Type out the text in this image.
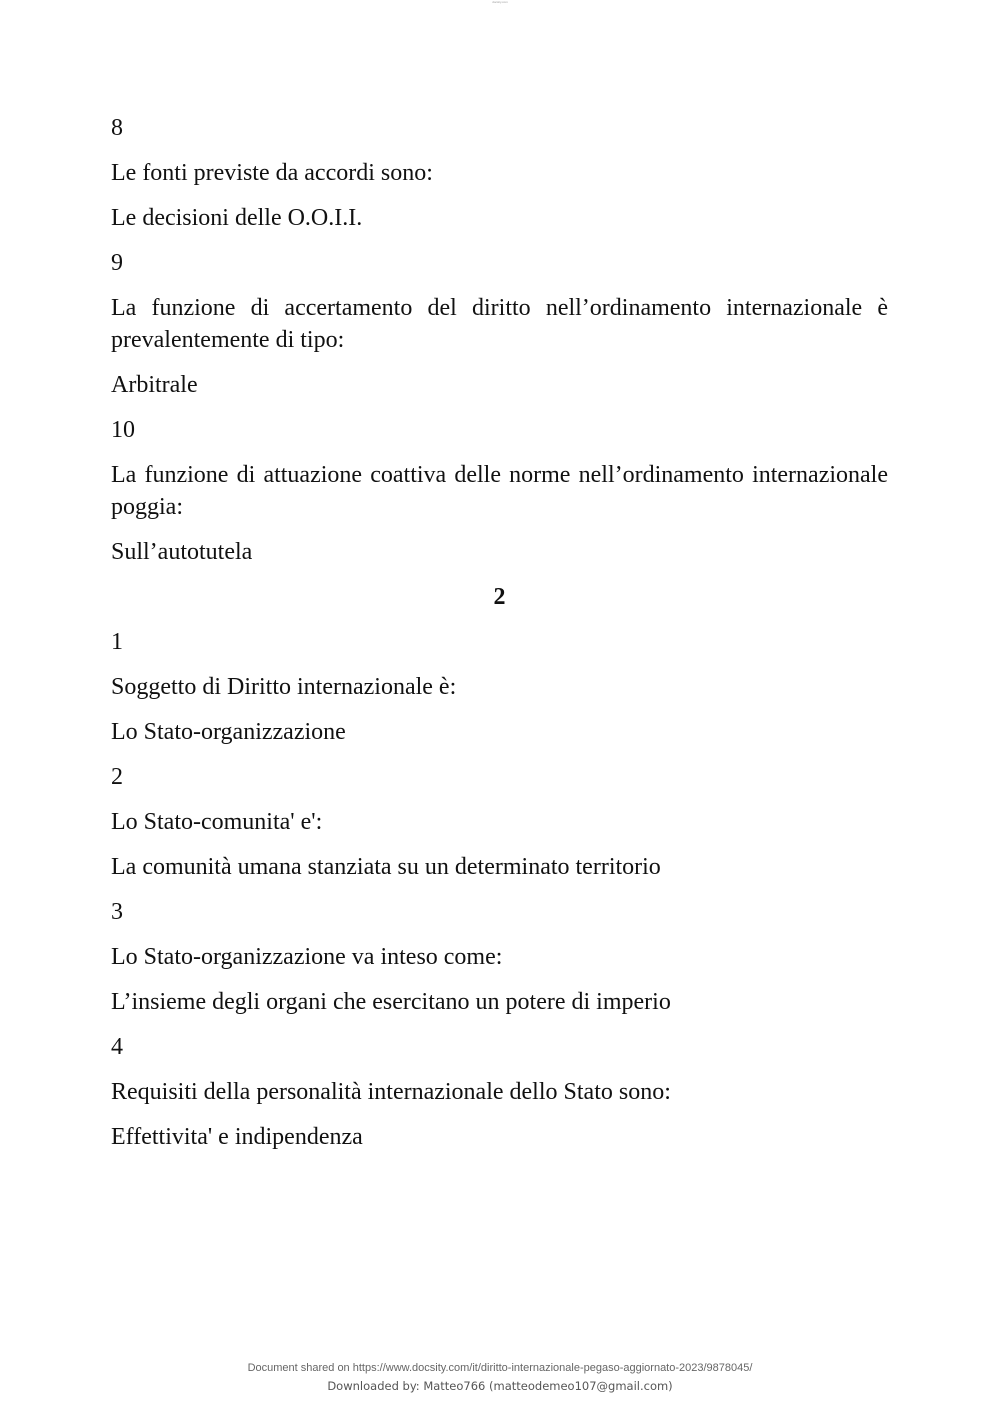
docsity.com
8
Le fonti previste da accordi sono:
Le decisioni delle O.O.I.I.
9
La funzione di accertamento del diritto nell’ordinamento internazionale è prevalentemente di tipo:
Arbitrale
10
La funzione di attuazione coattiva delle norme nell’ordinamento internazionale poggia:
Sull’autotutela
2
1
Soggetto di Diritto internazionale è:
Lo Stato-organizzazione
2
Lo Stato-comunita' e':
La comunità umana stanziata su un determinato territorio
3
Lo Stato-organizzazione va inteso come:
L’insieme degli organi che esercitano un potere di imperio
4
Requisiti della personalità internazionale dello Stato sono:
Effettivita' e indipendenza
Document shared on https://www.docsity.com/it/diritto-internazionale-pegaso-aggiornato-2023/9878045/
Downloaded by: Matteo766 (matteodemeo107@gmail.com)
